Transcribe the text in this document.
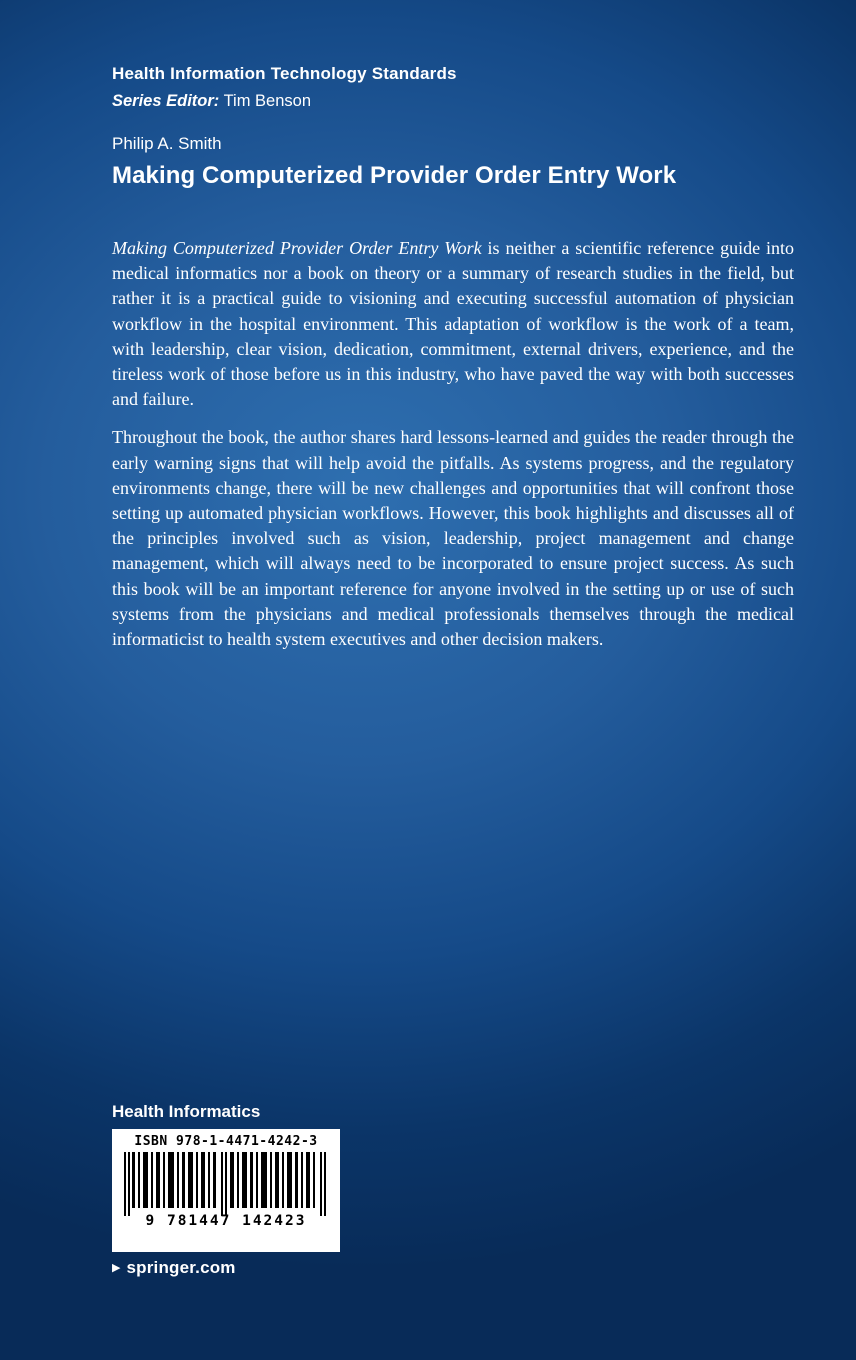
Health Information Technology Standards
Series Editor: Tim Benson
Philip A. Smith
Making Computerized Provider Order Entry Work

Making Computerized Provider Order Entry Work is neither a scientific reference guide into medical informatics nor a book on theory or a summary of research studies in the field, but rather it is a practical guide to visioning and executing successful automation of physician workflow in the hospital environment. This adaptation of workflow is the work of a team, with leadership, clear vision, dedication, commitment, external drivers, experience, and the tireless work of those before us in this industry, who have paved the way with both successes and failure.

Throughout the book, the author shares hard lessons-learned and guides the reader through the early warning signs that will help avoid the pitfalls. As systems progress, and the regulatory environments change, there will be new challenges and opportunities that will confront those setting up automated physician workflows. However, this book highlights and discusses all of the principles involved such as vision, leadership, project management and change management, which will always need to be incorporated to ensure project success. As such this book will be an important reference for anyone involved in the setting up or use of such systems from the physicians and medical professionals themselves through the medical informaticist to health system executives and other decision makers.

Health Informatics
ISBN 978-1-4471-4242-3
9 781447 142423
▶ springer.com
